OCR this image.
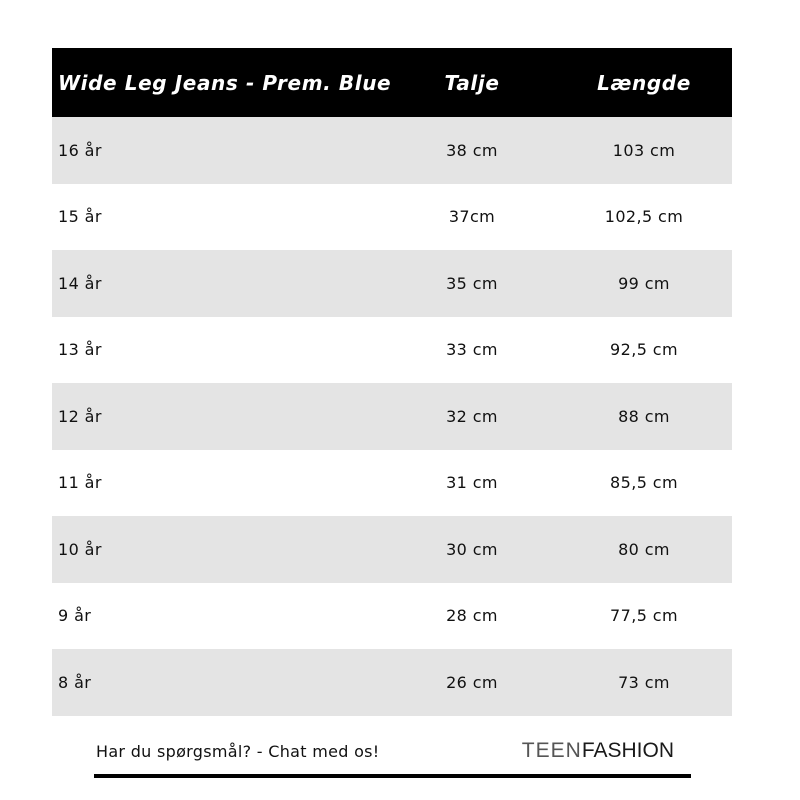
Wide Leg Jeans - Prem. Blue	Talje	Længde
16 år	38 cm	103 cm
15 år	37cm	102,5 cm
14 år	35 cm	99 cm
13 år	33 cm	92,5 cm
12 år	32 cm	88 cm
11 år	31 cm	85,5 cm
10 år	30 cm	80 cm
9 år	28 cm	77,5 cm
8 år	26 cm	73 cm
Har du spørgsmål? - Chat med os!	TEENFASHION
